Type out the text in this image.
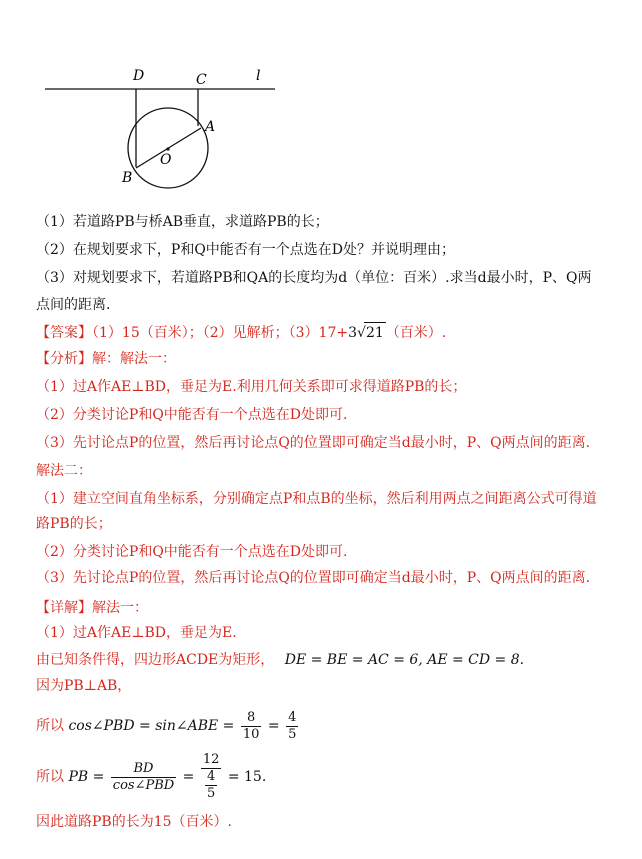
D	C	l
A
O
B
（1）若道路PB与桥AB垂直，求道路PB的长；
（2）在规划要求下，P和Q中能否有一个点选在D处？并说明理由；
（3）对规划要求下，若道路PB和QA的长度均为d（单位：百米）.求当d最小时，P、Q两
点间的距离.
【答案】（1）15（百米）；（2）见解析；（3）17+3√21 （百米）.
【分析】解：解法一：
（1）过A作AE⊥BD，垂足为E.利用几何关系即可求得道路PB的长；
（2）分类讨论P和Q中能否有一个点选在D处即可.
（3）先讨论点P的位置，然后再讨论点Q的位置即可确定当d最小时，P、Q两点间的距离.
解法二：
（1）建立空间直角坐标系，分别确定点P和点B的坐标，然后利用两点之间距离公式可得道
路PB的长；
（2）分类讨论P和Q中能否有一个点选在D处即可.
（3）先讨论点P的位置，然后再讨论点Q的位置即可确定当d最小时，P、Q两点间的距离.
【详解】解法一：
（1）过A作AE⊥BD，垂足为E.
由已知条件得，四边形ACDE为矩形， DE = BE = AC = 6, AE = CD = 8.
因为PB⊥AB，
所以 cos∠PBD = sin∠ABE = $\frac{8}{10} = \frac{4}{5}$
所以 PB = $\frac{BD}{\text{cos∠PBD}} = \frac{12}{\frac{4}{5}} = 15$.
因此道路PB的长为15（百米）.
